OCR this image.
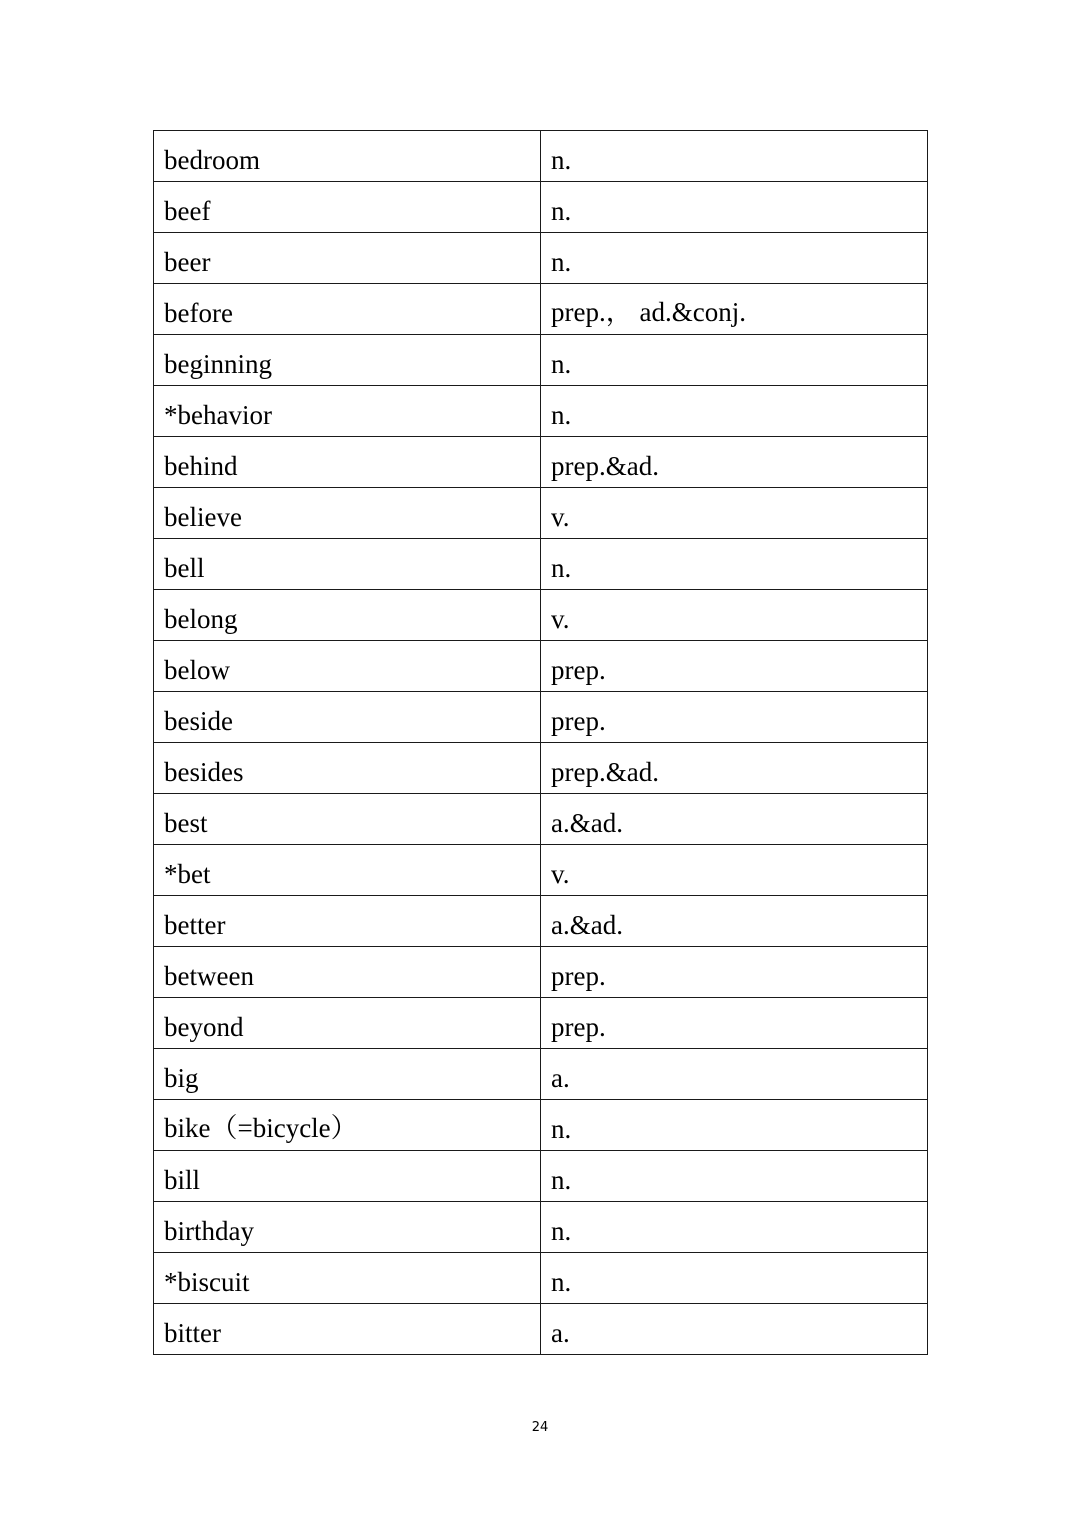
bedroom	n.
beef	n.
beer	n.
before	prep.， ad.&conj.
beginning	n.
*behavior	n.
behind	prep.&ad.
believe	v.
bell	n.
belong	v.
below	prep.
beside	prep.
besides	prep.&ad.
best	a.&ad.
*bet	v.
better	a.&ad.
between	prep.
beyond	prep.
big	a.
bike（=bicycle）	n.
bill	n.
birthday	n.
*biscuit	n.
bitter	a.
24
